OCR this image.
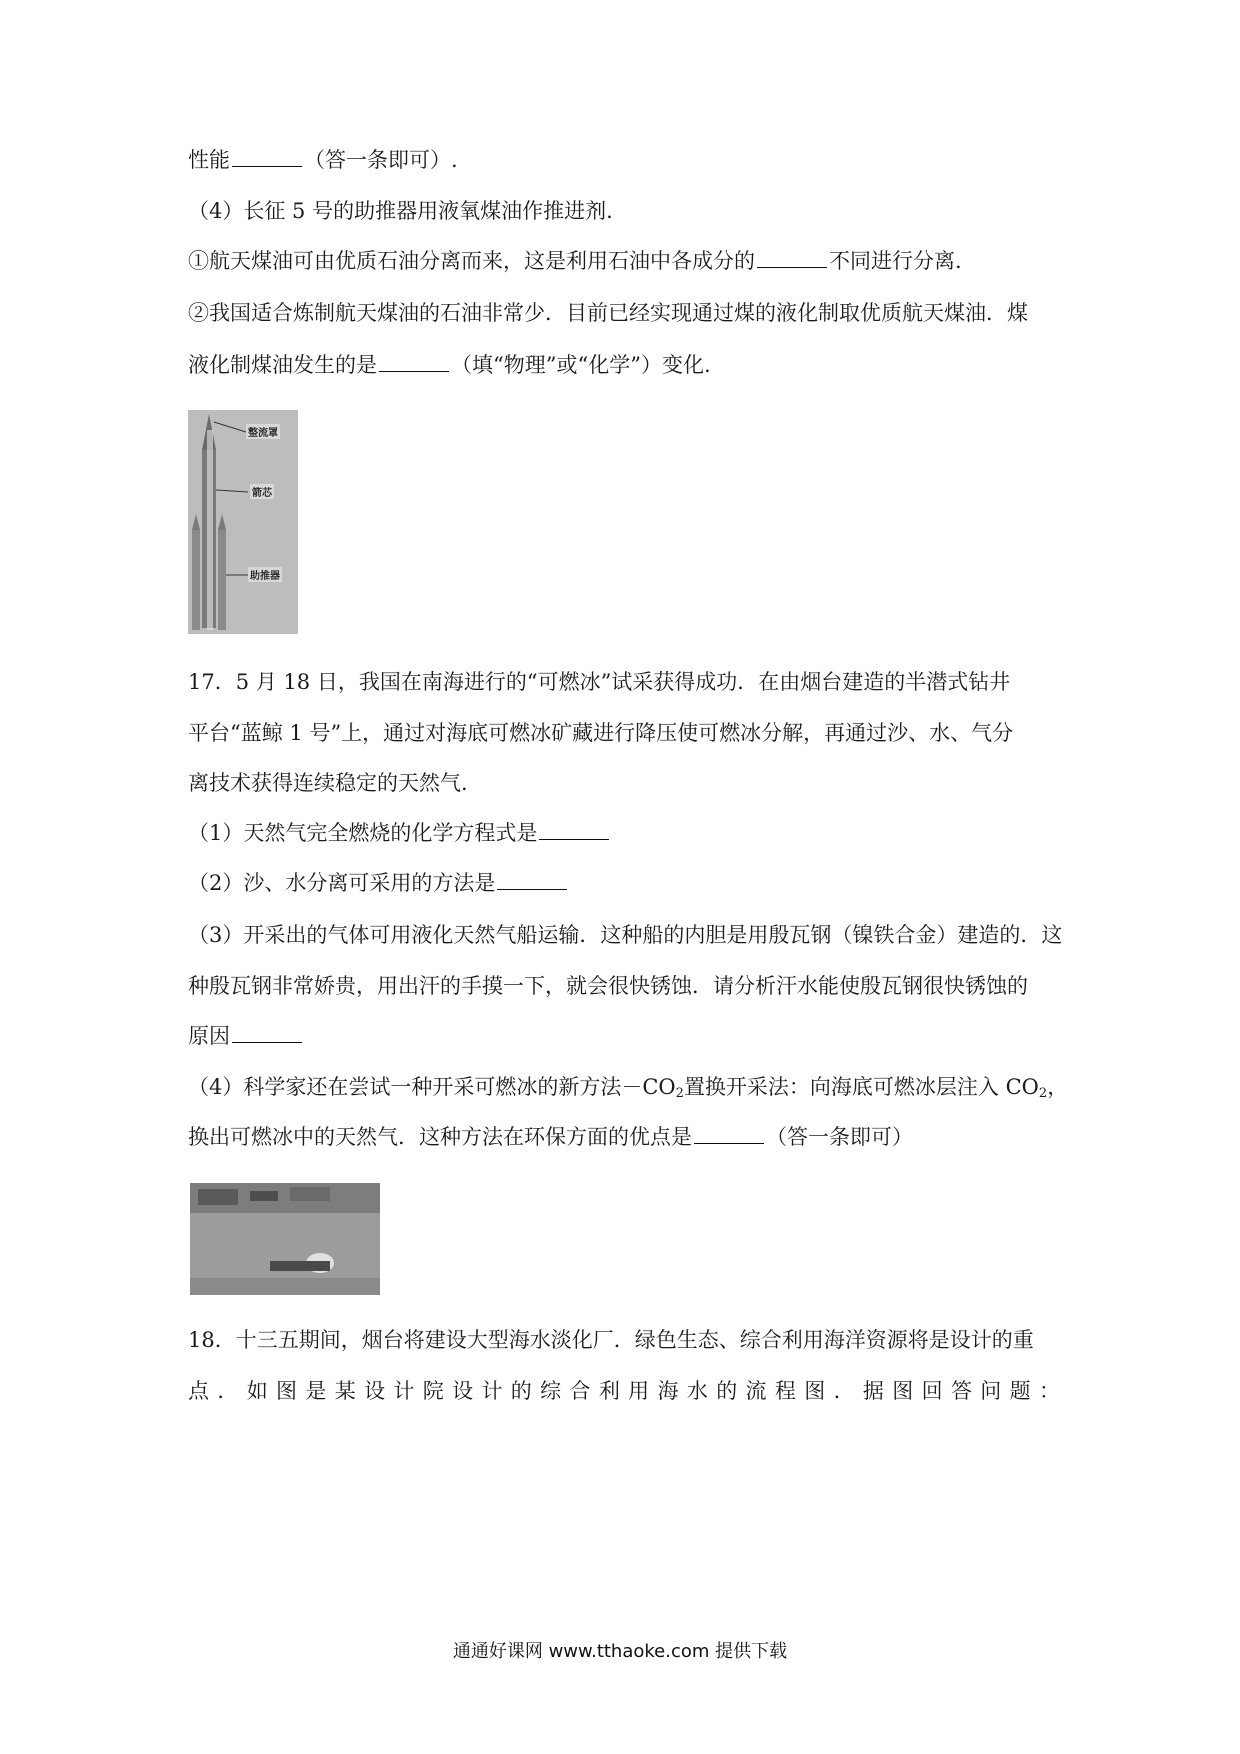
性能	（答一条即可）.
（4）长征 5 号的助推器用液氧煤油作推进剂.
①航天煤油可由优质石油分离而来，这是利用石油中各成分的	不同进行分离.
②我国适合炼制航天煤油的石油非常少．目前已经实现通过煤的液化制取优质航天煤油．煤
液化制煤油发生的是	（填“物理”或“化学”）变化.
整流罩
箭芯
助推器
17．5 月 18 日，我国在南海进行的“可燃冰”试采获得成功．在由烟台建造的半潜式钻井
平台“蓝鲸 1 号”上，通过对海底可燃冰矿藏进行降压使可燃冰分解，再通过沙、水、气分
离技术获得连续稳定的天然气.
（1）天然气完全燃烧的化学方程式是
（2）沙、水分离可采用的方法是
（3）开采出的气体可用液化天然气船运输．这种船的内胆是用殷瓦钢（镍铁合金）建造的．这
种殷瓦钢非常娇贵，用出汗的手摸一下，就会很快锈蚀．请分析汗水能使殷瓦钢很快锈蚀的
原因
（4）科学家还在尝试一种开采可燃冰的新方法$-CO_2$置换开采法：向海底可燃冰层注入 $CO_2$，
换出可燃冰中的天然气．这种方法在环保方面的优点是	（答一条即可）
18．十三五期间，烟台将建设大型海水淡化厂．绿色生态、综合利用海洋资源将是设计的重
点．如图是某设计院设计的综合利用海水的流程图．据图回答问题：
通通好课网 www.tthaoke.com 提供下载
